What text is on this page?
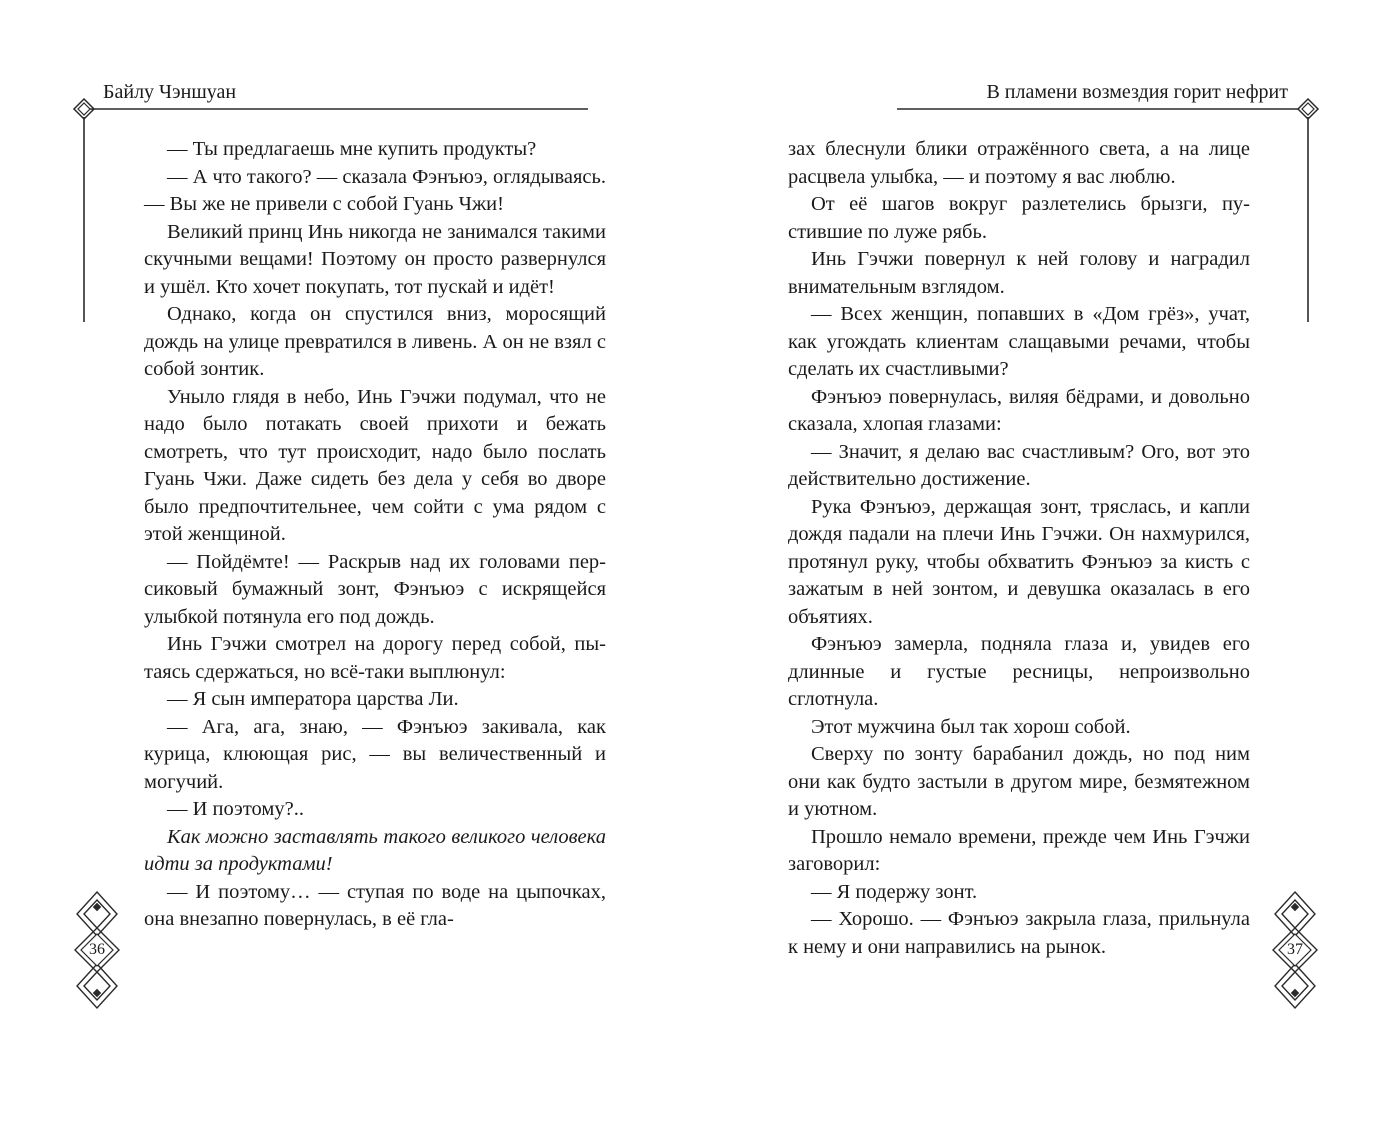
Байлу Чэншуан

— Ты предлагаешь мне купить продукты?

— А что такого? — сказала Фэнъюэ, оглядываясь. — Вы же не привели с собой Гуань Чжи!

Великий принц Инь никогда не занимался такими скучными вещами! Поэтому он просто развернулся и ушёл. Кто хочет покупать, тот пускай и идёт!

Однако, когда он спустился вниз, моросящий дождь на улице превратился в ливень. А он не взял с собой зонтик.

Уныло глядя в небо, Инь Гэчжи подумал, что не надо было потакать своей прихоти и бежать смотреть, что тут происходит, надо было послать Гуань Чжи. Даже сидеть без дела у себя во дворе было предпочтительнее, чем сойти с ума рядом с этой женщиной.

— Пойдёмте! — Раскрыв над их головами персиковый бумажный зонт, Фэнъюэ с искрящейся улыбкой потянула его под дождь.

Инь Гэчжи смотрел на дорогу перед собой, пытаясь сдержаться, но всё-таки выплюнул:

— Я сын императора царства Ли.

— Ага, ага, знаю, — Фэнъюэ закивала, как курица, клюющая рис, — вы величественный и могучий.

— И поэтому?..

Как можно заставлять такого великого человека идти за продуктами!

— И поэтому… — ступая по воде на цыпочках, она внезапно повернулась, в её гла-

36
В пламени возмездия горит нефрит

зах блеснули блики отражённого света, а на лице расцвела улыбка, — и поэтому я вас люблю.

От её шагов вокруг разлетелись брызги, пустившие по луже рябь.

Инь Гэчжи повернул к ней голову и наградил внимательным взглядом.

— Всех женщин, попавших в «Дом грёз», учат, как угождать клиентам слащавыми речами, чтобы сделать их счастливыми?

Фэнъюэ повернулась, виляя бёдрами, и довольно сказала, хлопая глазами:

— Значит, я делаю вас счастливым? Ого, вот это действительно достижение.

Рука Фэнъюэ, держащая зонт, тряслась, и капли дождя падали на плечи Инь Гэчжи. Он нахмурился, протянул руку, чтобы обхватить Фэнъюэ за кисть с зажатым в ней зонтом, и девушка оказалась в его объятиях.

Фэнъюэ замерла, подняла глаза и, увидев его длинные и густые ресницы, непроизвольно сглотнула.

Этот мужчина был так хорош собой.

Сверху по зонту барабанил дождь, но под ним они как будто застыли в другом мире, безмятежном и уютном.

Прошло немало времени, прежде чем Инь Гэчжи заговорил:

— Я подержу зонт.

— Хорошо. — Фэнъюэ закрыла глаза, прильнула к нему и они направились на рынок.	37
